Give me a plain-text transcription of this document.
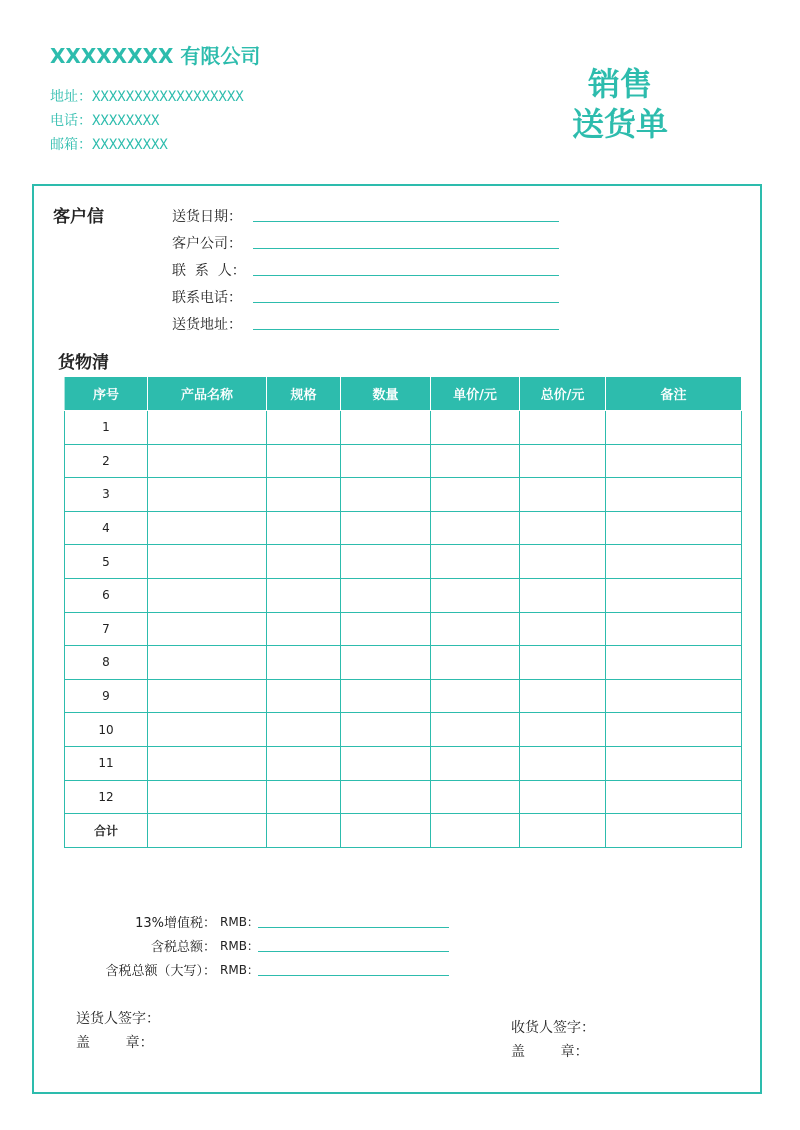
XXXXXXXX 有限公司
地址：XXXXXXXXXXXXXXXXXX
电话：XXXXXXXX
邮箱：XXXXXXXXX
销售
送货单
客户信	送货日期：
客户公司：
联  系  人：
联系电话：
送货地址：
货物清
序号	产品名称	规格	数量	单价/元	总价/元	备注
1						
2						
3						
4						
5						
6						
7						
8						
9						
10						
11						
12						
合计						
13%增值税： RMB：
含税总额： RMB：
含税总额（大写）： RMB：
送货人签字：
盖        章：
收货人签字：
盖        章：
